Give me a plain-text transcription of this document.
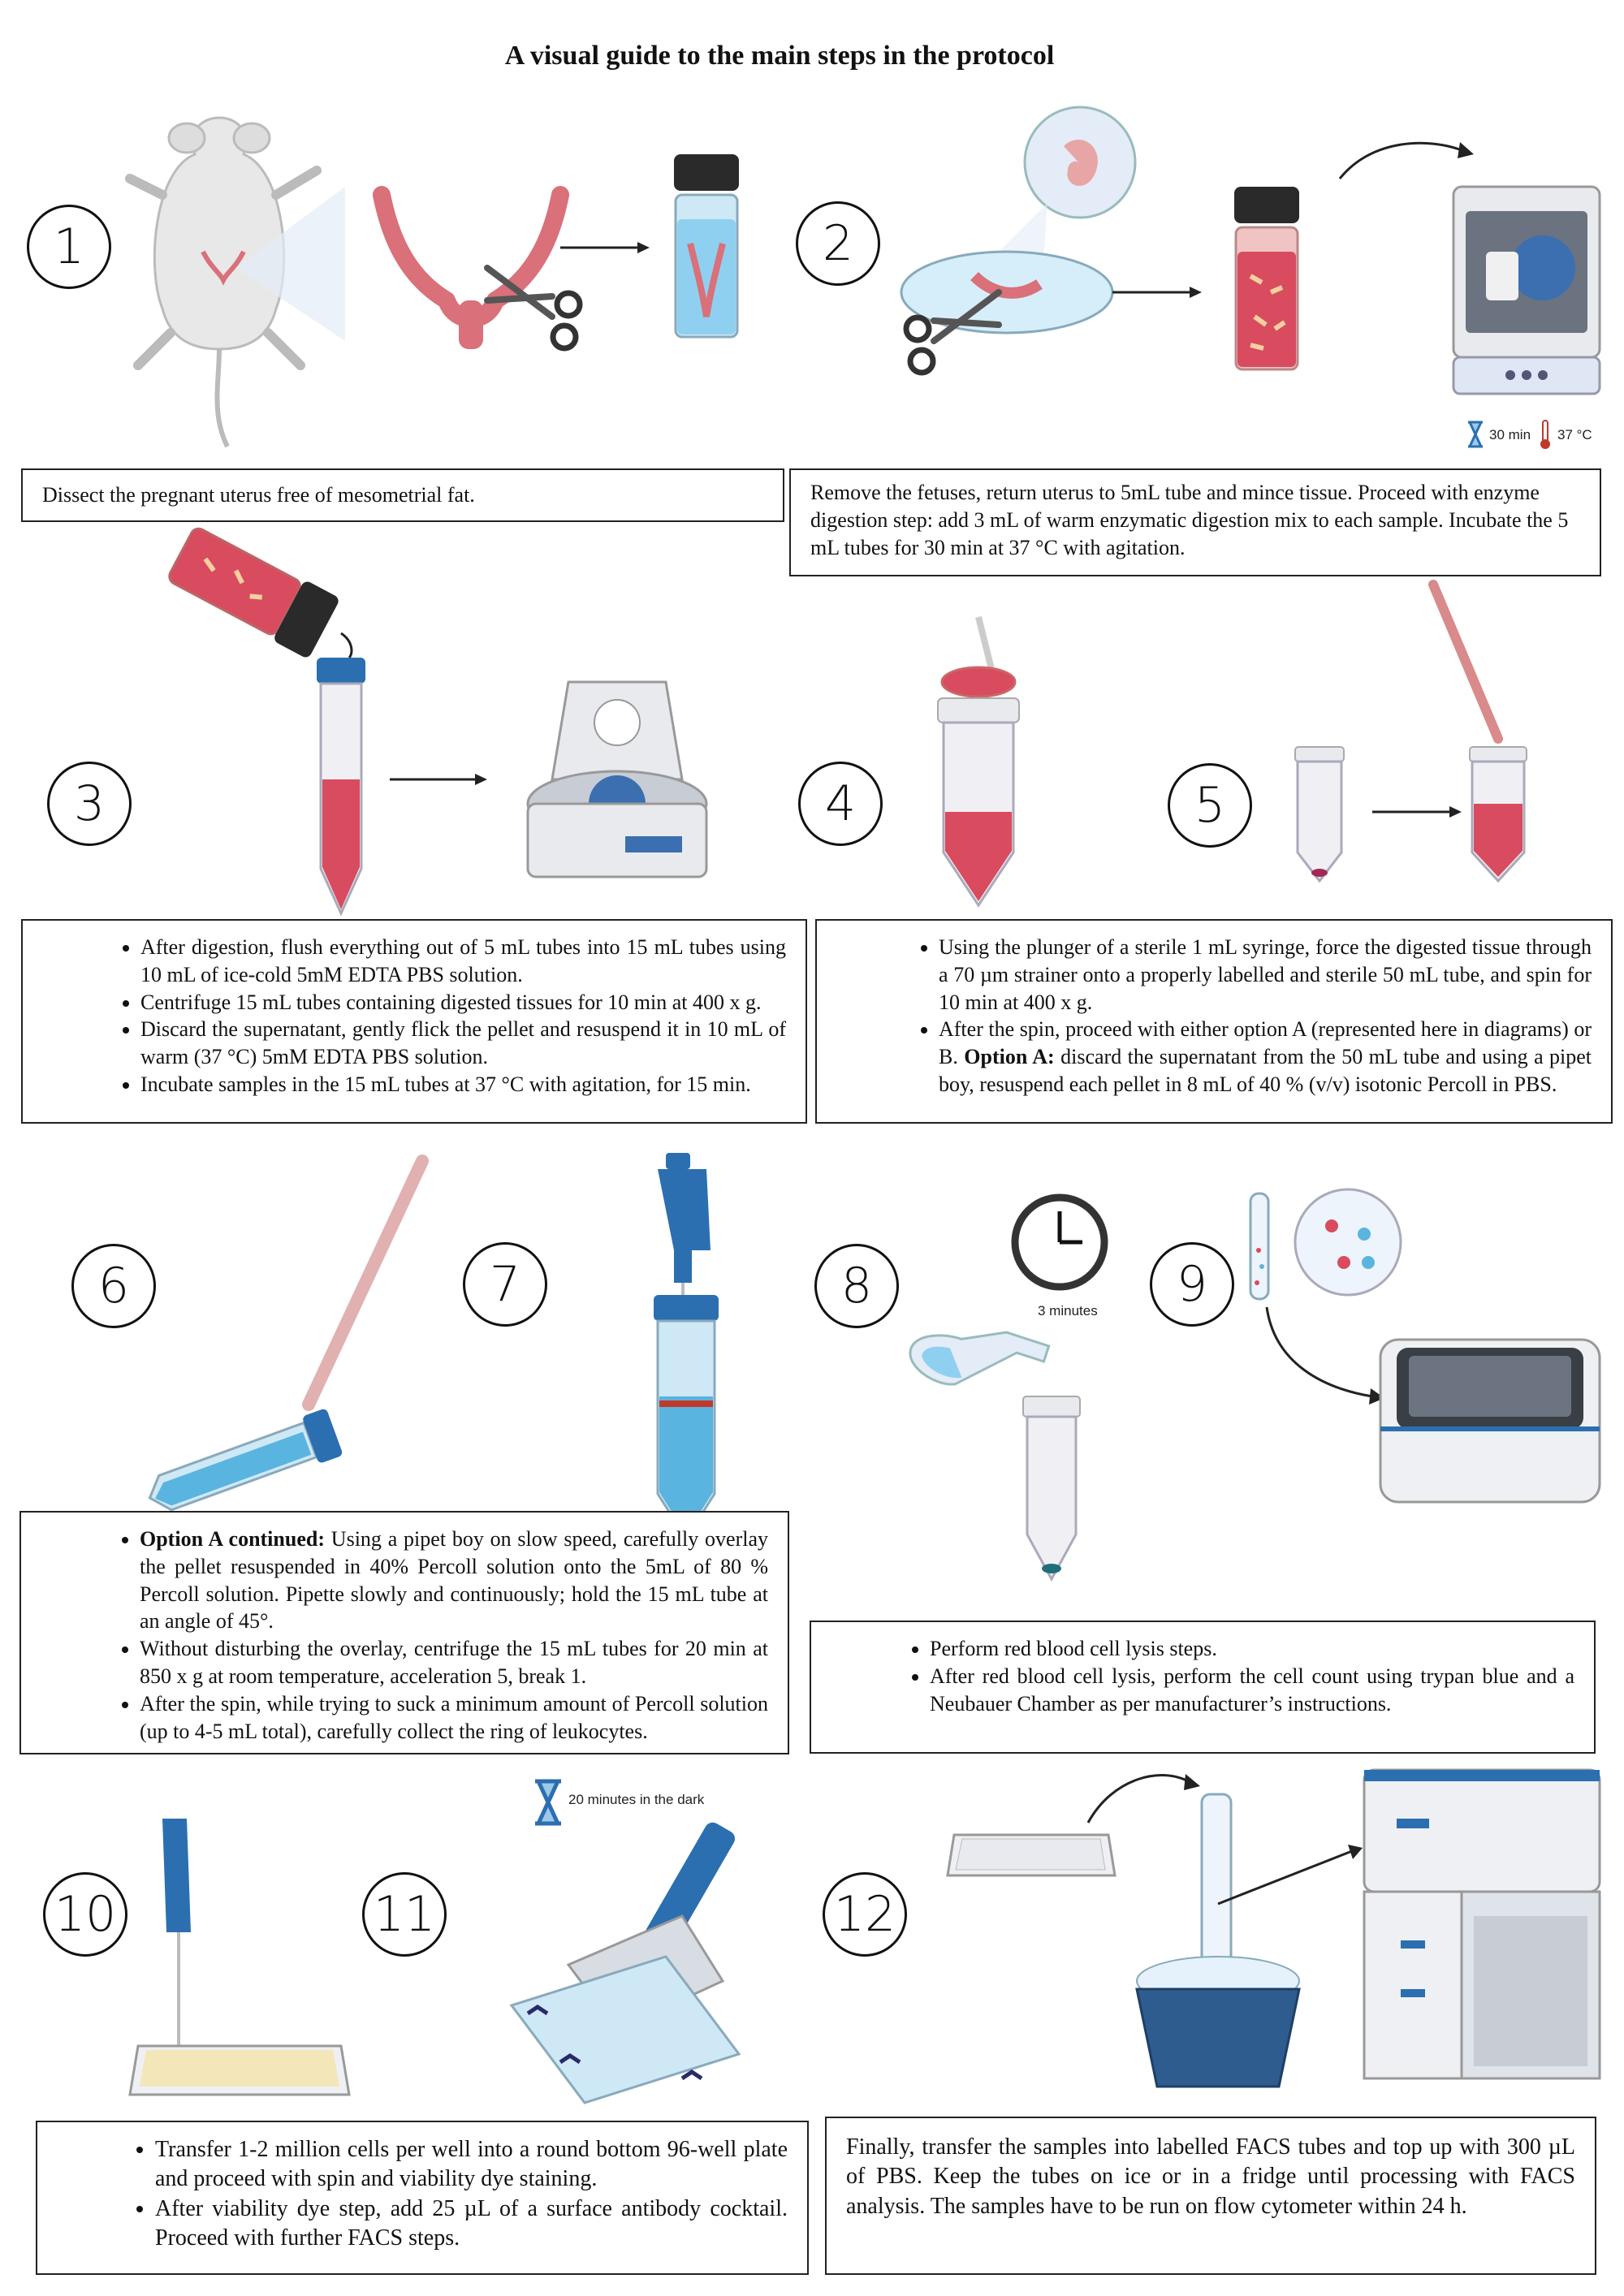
A visual guide to the main steps in the protocol
30 min 37 °C
3 minutes
20 minutes in the dark
1	2
3	4	5
6	7	8	9
10	11	12

Dissect the pregnant uterus free of mesometrial fat.	Remove the fetuses, return uterus to 5mL tube and mince tissue. Proceed with enzyme digestion step: add 3 mL of warm enzymatic digestion mix to each sample. Incubate the 5 mL tubes for 30 min at 37 °C with agitation.

• After digestion, flush everything out of 5 mL tubes into 15 mL tubes using 10 mL of ice-cold 5mM EDTA PBS solution.
• Centrifuge 15 mL tubes containing digested tissues for 10 min at 400 x g.
• Discard the supernatant, gently flick the pellet and resuspend it in 10 mL of warm (37 °C) 5mM EDTA PBS solution.
• Incubate samples in the 15 mL tubes at 37 °C with agitation, for 15 min.
• Using the plunger of a sterile 1 mL syringe, force the digested tissue through a 70 µm strainer onto a properly labelled and sterile 50 mL tube, and spin for 10 min at 400 x g.
• After the spin, proceed with either option A (represented here in diagrams) or B. Option A: discard the supernatant from the 50 mL tube and using a pipet boy, resuspend each pellet in 8 mL of 40 % (v/v) isotonic Percoll in PBS.
• Option A continued: Using a pipet boy on slow speed, carefully overlay the pellet resuspended in 40% Percoll solution onto the 5mL of 80 % Percoll solution. Pipette slowly and continuously; hold the 15 mL tube at an angle of 45°.
• Without disturbing the overlay, centrifuge the 15 mL tubes for 20 min at 850 x g at room temperature, acceleration 5, break 1.
• After the spin, while trying to suck a minimum amount of Percoll solution (up to 4-5 mL total), carefully collect the ring of leukocytes.
• Perform red blood cell lysis steps.
• After red blood cell lysis, perform the cell count using trypan blue and a Neubauer Chamber as per manufacturer’s instructions.
• Transfer 1-2 million cells per well into a round bottom 96-well plate and proceed with spin and viability dye staining.
• After viability dye step, add 25 µL of a surface antibody cocktail. Proceed with further FACS steps.

Finally, transfer the samples into labelled FACS tubes and top up with 300 µL of PBS. Keep the tubes on ice or in a fridge until processing with FACS analysis. The samples have to be run on flow cytometer within 24 h.
